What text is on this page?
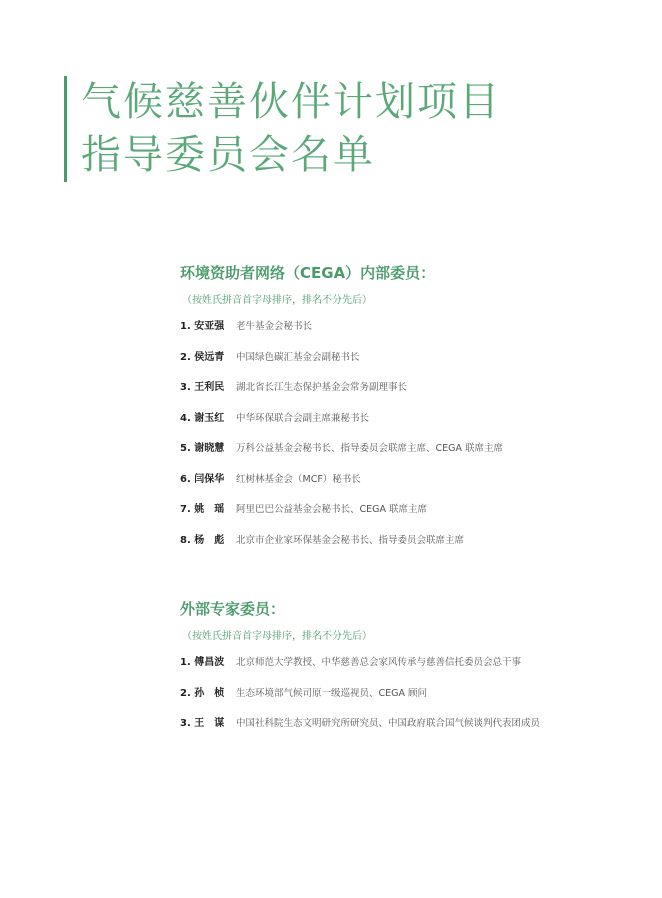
气候慈善伙伴计划项目
指导委员会名单
环境资助者网络（CEGA）内部委员：
（按姓氏拼音首字母排序，排名不分先后）
1. 安亚强	老牛基金会秘书长
2. 侯远青	中国绿色碳汇基金会副秘书长
3. 王利民	湖北省长江生态保护基金会常务副理事长
4. 谢玉红	中华环保联合会副主席兼秘书长
5. 谢晓慧	万科公益基金会秘书长、指导委员会联席主席、CEGA 联席主席
6. 闫保华	红树林基金会（MCF）秘书长
7. 姚　瑶	阿里巴巴公益基金会秘书长、CEGA 联席主席
8. 杨　彪	北京市企业家环保基金会秘书长、指导委员会联席主席
外部专家委员：
（按姓氏拼音首字母排序，排名不分先后）
1. 傅昌波	北京师范大学教授、中华慈善总会家风传承与慈善信托委员会总干事
2. 孙　桢	生态环境部气候司原一级巡视员、CEGA 顾问
3. 王　谋	中国社科院生态文明研究所研究员、中国政府联合国气候谈判代表团成员
